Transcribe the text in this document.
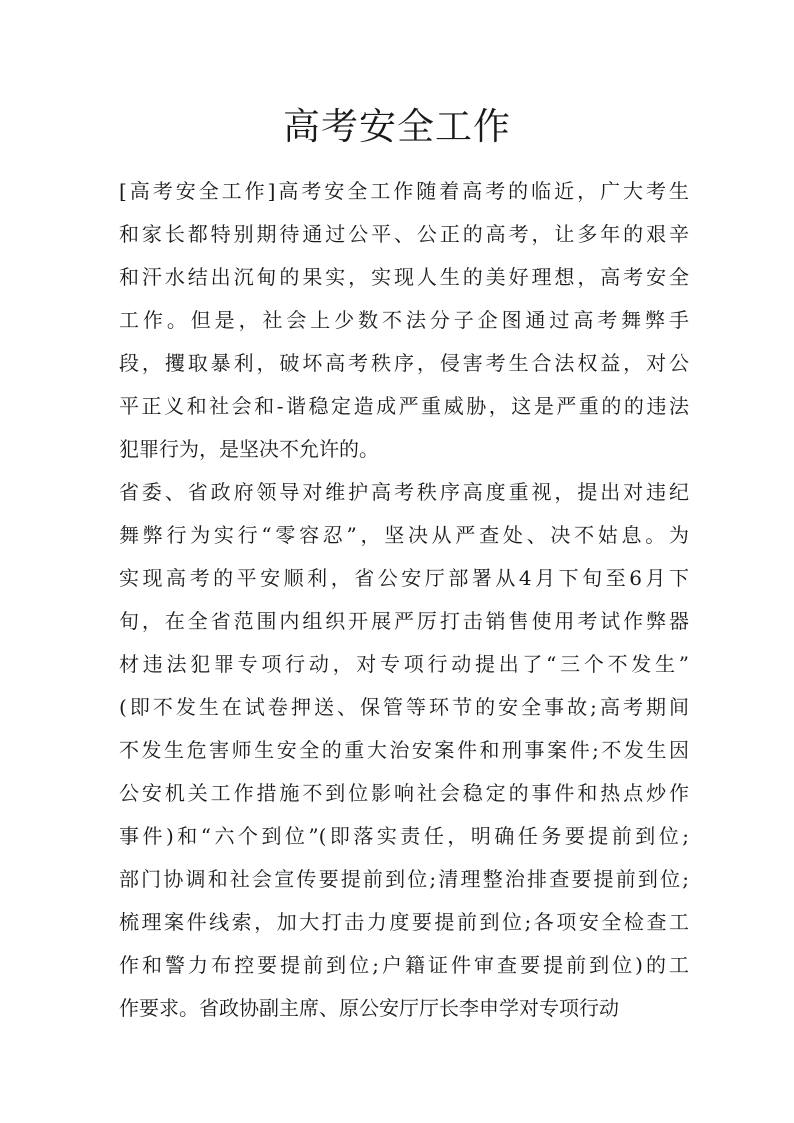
高考安全工作
[高考安全工作]高考安全工作随着高考的临近，广大考生
和家长都特别期待通过公平、公正的高考，让多年的艰辛
和汗水结出沉甸的果实，实现人生的美好理想，高考安全
工作。但是，社会上少数不法分子企图通过高考舞弊手
段，攫取暴利，破坏高考秩序，侵害考生合法权益，对公
平正义和社会和-谐稳定造成严重威胁，这是严重的的违法
犯罪行为，是坚决不允许的。
省委、省政府领导对维护高考秩序高度重视，提出对违纪
舞弊行为实行“零容忍”，坚决从严查处、决不姑息。为
实现高考的平安顺利，省公安厅部署从4月下旬至6月下
旬，在全省范围内组织开展严厉打击销售使用考试作弊器
材违法犯罪专项行动，对专项行动提出了“三个不发生”
(即不发生在试卷押送、保管等环节的安全事故;高考期间
不发生危害师生安全的重大治安案件和刑事案件;不发生因
公安机关工作措施不到位影响社会稳定的事件和热点炒作
事件)和“六个到位”(即落实责任，明确任务要提前到位;
部门协调和社会宣传要提前到位;清理整治排查要提前到位;
梳理案件线索，加大打击力度要提前到位;各项安全检查工
作和警力布控要提前到位;户籍证件审查要提前到位)的工
作要求。省政协副主席、原公安厅厅长李申学对专项行动
